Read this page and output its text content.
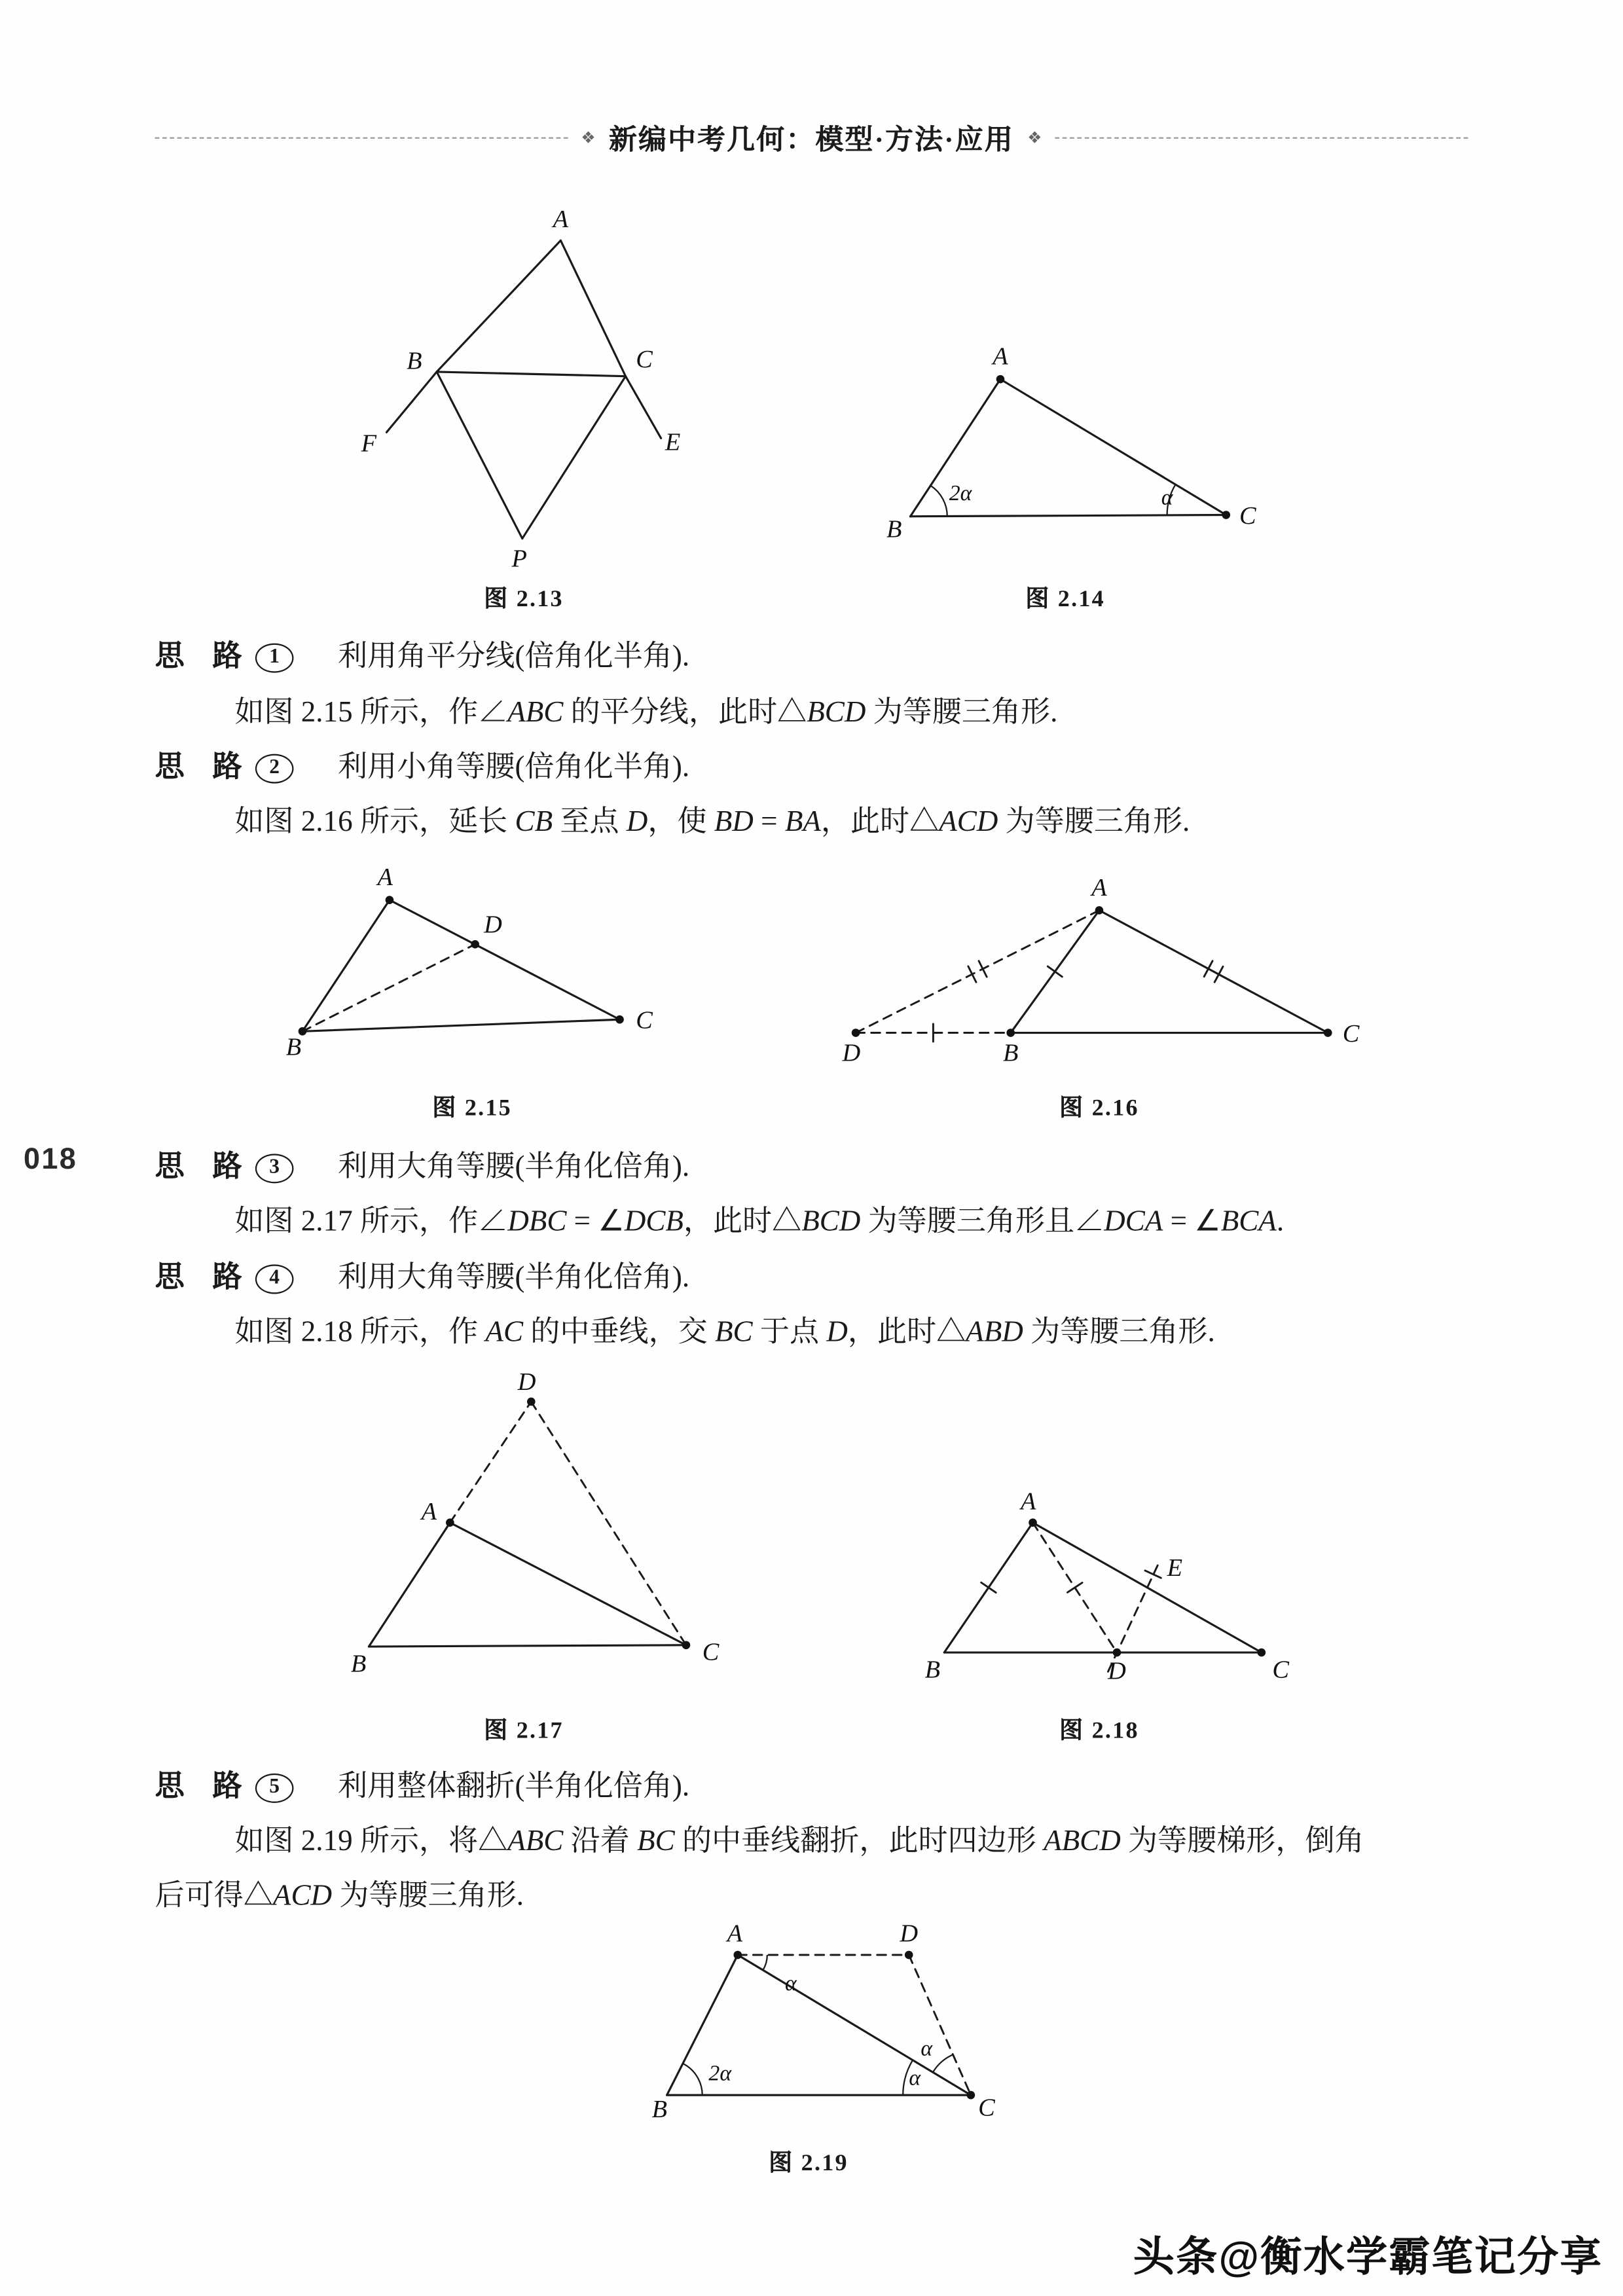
❖ 新编中考几何：模型·方法·应用 ❖
A
B	C
F	E
P
图 2.13
A
B	C
2α	α
图 2.14
思 路 1	利用角平分线(倍角化半角).
如图 2.15 所示，作∠ABC 的平分线，此时△BCD 为等腰三角形.
思 路 2	利用小角等腰(倍角化半角).
如图 2.16 所示，延长 CB 至点 D，使 BD = BA，此时△ACD 为等腰三角形.
A
D
B
C
图 2.15
A
D	B
C
图 2.16
018	思 路 3	利用大角等腰(半角化倍角).
如图 2.17 所示，作∠DBC = ∠DCB，此时△BCD 为等腰三角形且∠DCA = ∠BCA.
思 路 4	利用大角等腰(半角化倍角).
如图 2.18 所示，作 AC 的中垂线，交 BC 于点 D，此时△ABD 为等腰三角形.
D
A
B	C
图 2.17
A
B	C
D
E
图 2.18
思 路 5	利用整体翻折(半角化倍角).
如图 2.19 所示，将△ABC 沿着 BC 的中垂线翻折，此时四边形 ABCD 为等腰梯形，倒角
后可得△ACD 为等腰三角形.
A	D
B	C
α
2α
α
α
图 2.19
头条@衡水学霸笔记分享
